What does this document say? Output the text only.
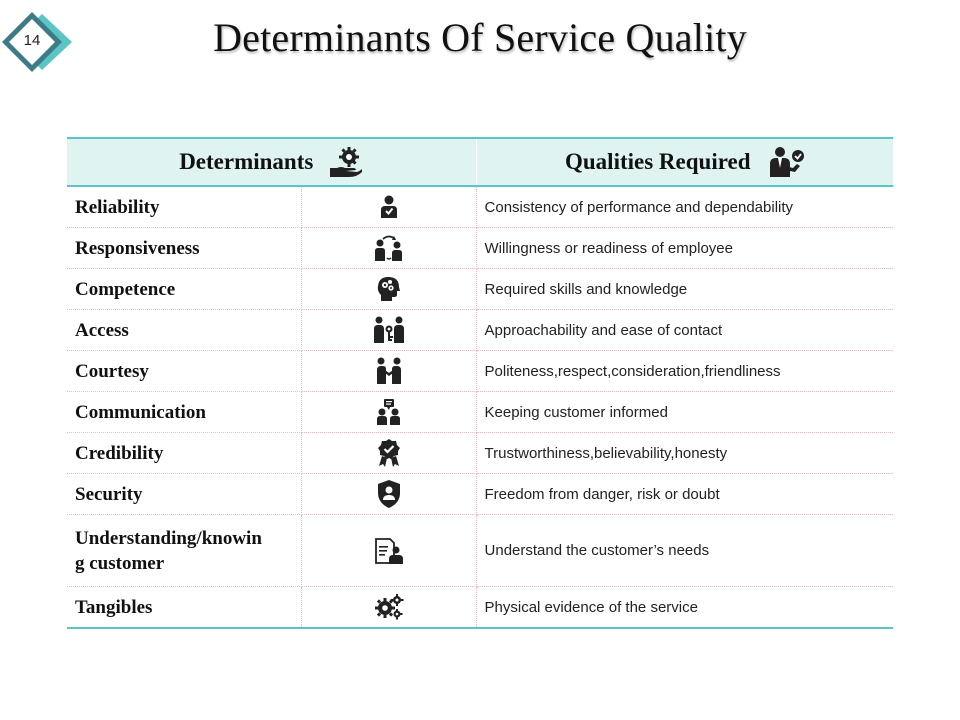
14	Determinants Of Service Quality
Determinants		Qualities Required

Reliability		Consistency of performance and dependability
Responsiveness		Willingness or readiness of employee
Competence		Required skills and knowledge
Access		Approachability and ease of contact
Courtesy		Politeness,respect,consideration,friendliness
Communication		Keeping customer informed
Credibility		Trustworthiness,believability,honesty
Security		Freedom from danger, risk or doubt
Understanding/knowin
g customer		Understand the customer’s needs
Tangibles		Physical evidence of the service
